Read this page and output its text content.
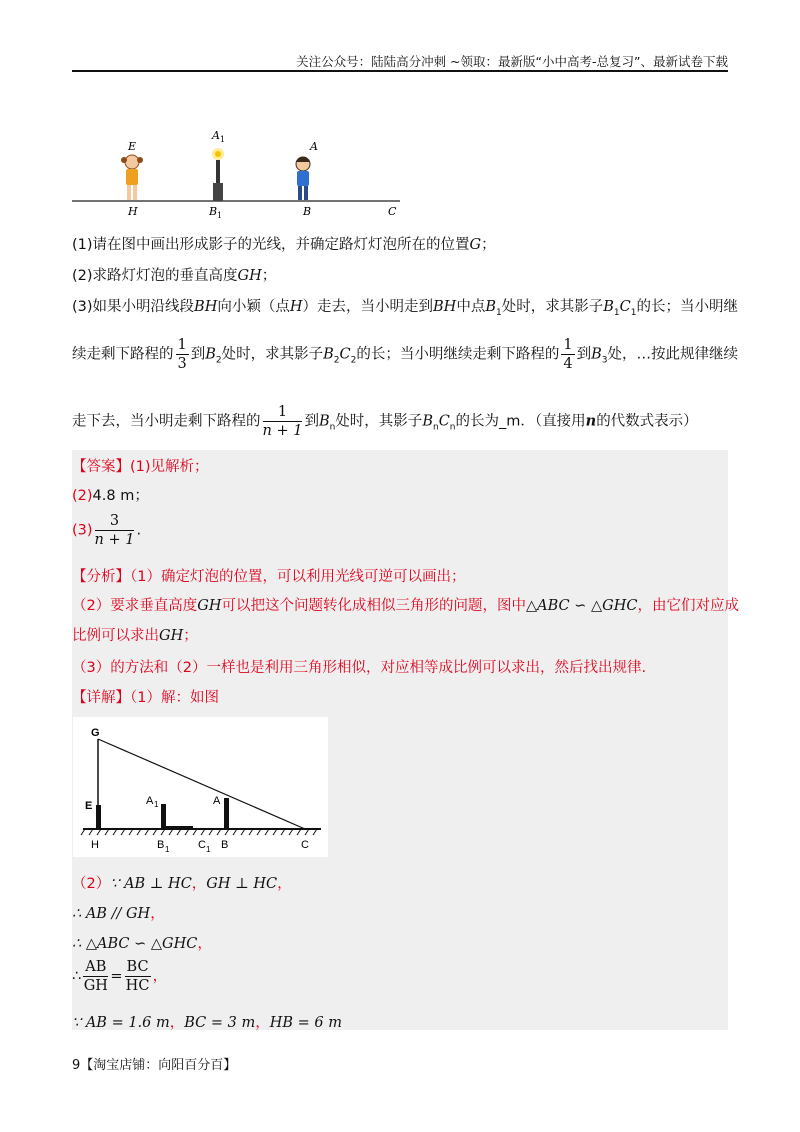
关注公众号：陆陆高分冲刺 ~领取：最新版“小中高考-总复习”、最新试卷下载
E
A 1
A
H	B 1	B	C
(1)请在图中画出形成影子的光线，并确定路灯灯泡所在的位置G；
(2)求路灯灯泡的垂直高度GH；
(3)如果小明沿线段BH向小颖（点H）走去，当小明走到BH中点$B_1$处时，求其影子$B_1C_1$的长；当小明继
续走剩下路程的 $\frac{1}{3}$ 到$B_2$处时，求其影子$B_2C_2$的长；当小明继续走剩下路程的 $\frac{1}{4}$ 到$B_3$处，…按此规律继续
走下去，当小明走剩下路程的 $\frac{1}{n + 1}$ 到$B_n$处时，其影子$B_nC_n$的长为_m．（直接用n的代数式表示）
【答案】(1)见解析；
(2)4.8 m；
$(3) \frac{3}{n + 1}$ .
【分析】（1）确定灯泡的位置，可以利用光线可逆可以画出；
（2）要求垂直高度GH可以把这个问题转化成相似三角形的问题，图中△ABC ∽ △GHC，由它们对应成
比例可以求出GH；
（3）的方法和（2）一样也是利用三角形相似，对应相等成比例可以求出，然后找出规律.
【详解】（1）解：如图
G
E	A 1	A
H	B 1	C 1 B	C
（2）∵ AB ⊥ HC，GH ⊥ HC，
∴ AB // GH，
∴ △ABC ∽ △GHC，
∴ $\frac{AB}{GH} = \frac{BC}{HC}$ ，
∵ AB = 1.6 m，BC = 3 m，HB = 6 m
9【淘宝店铺：向阳百分百】
